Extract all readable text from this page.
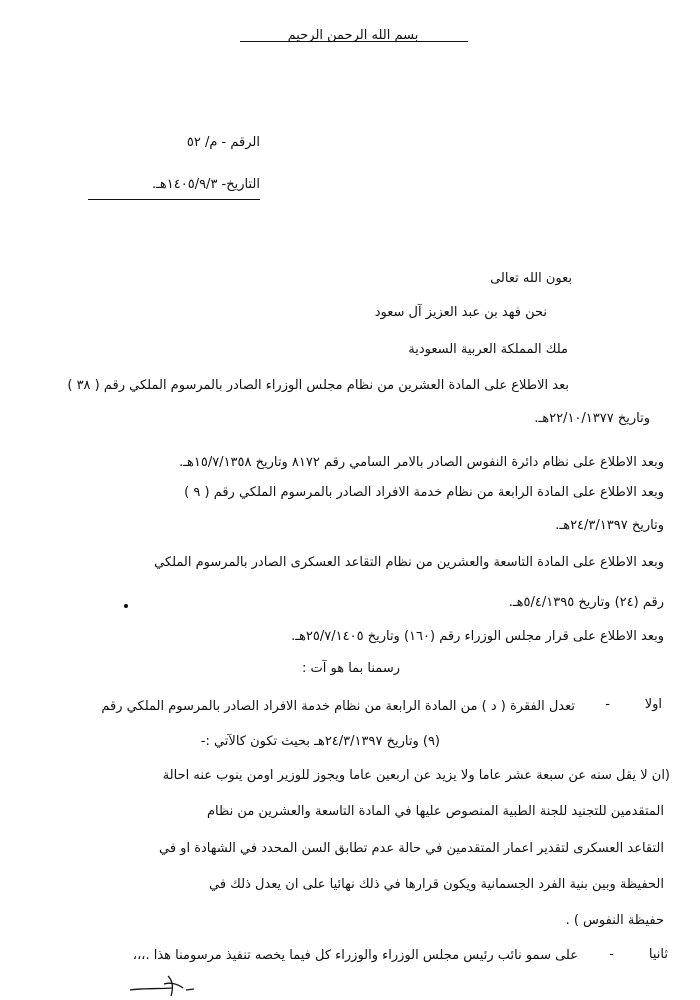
بسم الله الرحمن الرحيم
الرقم - م/ ٥٢
التاريخ- ١٤٠٥/٩/٣هـ.
بعون الله تعالى
نحن فهد بن عبد العزيز آل سعود
ملك المملكة العربية السعودية
بعد الاطلاع على المادة العشرين من نظام مجلس الوزراء الصادر بالمرسوم الملكي رقم ( ٣٨ )
وتاريخ ٢٢/١٠/١٣٧٧هـ.
وبعد الاطلاع على نظام دائرة النفوس الصادر بالامر السامي رقم ٨١٧٢ وتاريخ ١٥/٧/١٣٥٨هـ.
وبعد الاطلاع على المادة الرابعة من نظام خدمة الافراد الصادر بالمرسوم الملكي رقم ( ٩ )
وتاريخ ٢٤/٣/١٣٩٧هـ.
وبعد الاطلاع على المادة التاسعة والعشرين من نظام التقاعد العسكرى الصادر بالمرسوم الملكي
رقم (٢٤) وتاريخ ٥/٤/١٣٩٥هـ.
وبعد الاطلاع على قرار مجلس الوزراء رقم (١٦٠) وتاريخ ٢٥/٧/١٤٠٥هـ.
رسمنا بما هو آت :
اولا
-
تعدل الفقرة ( د ) من المادة الرابعة من نظام خدمة الافراد الصادر بالمرسوم الملكي رقم
(٩) وتاريخ ٢٤/٣/١٣٩٧هـ بحيث تكون كالآتي :-
(ان لا يقل سنه عن سبعة عشر عاما ولا يزيد عن اربعين عاما ويجوز للوزير اومن ينوب عنه احالة
المتقدمين للتجنيد للجنة الطبية المنصوص عليها في المادة التاسعة والعشرين من نظام
التقاعد العسكرى لتقدير اعمار المتقدمين في حالة عدم تطابق السن المحدد في الشهادة او في
الحفيظة وبين بنية الفرد الجسمانية ويكون قرارها في ذلك نهائيا على ان يعدل ذلك في
حفيظة النفوس ) .
ثانيا
-
على سمو نائب رئيس مجلس الوزراء والوزراء كل فيما يخصه تنفيذ مرسومنا هذا .،،،
